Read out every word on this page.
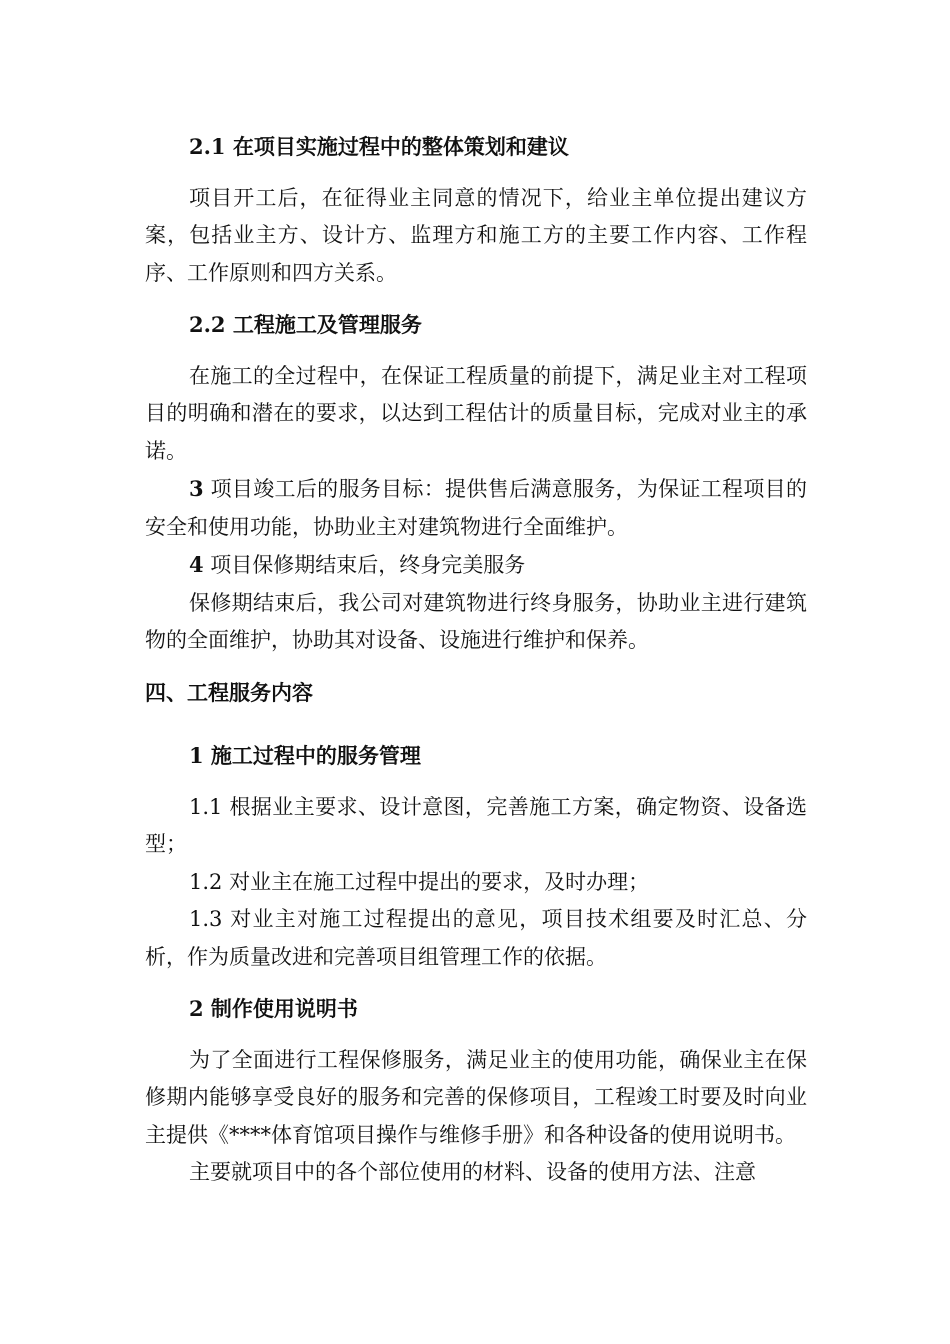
2.1 在项目实施过程中的整体策划和建议

项目开工后，在征得业主同意的情况下，给业主单位提出建议方案，包括业主方、设计方、监理方和施工方的主要工作内容、工作程序、工作原则和四方关系。

2.2 工程施工及管理服务

在施工的全过程中，在保证工程质量的前提下，满足业主对工程项目的明确和潜在的要求，以达到工程估计的质量目标，完成对业主的承诺。

3 项目竣工后的服务目标：提供售后满意服务，为保证工程项目的安全和使用功能，协助业主对建筑物进行全面维护。

4 项目保修期结束后，终身完美服务

保修期结束后，我公司对建筑物进行终身服务，协助业主进行建筑物的全面维护，协助其对设备、设施进行维护和保养。

四、工程服务内容

1 施工过程中的服务管理

1.1 根据业主要求、设计意图，完善施工方案，确定物资、设备选型；

1.2 对业主在施工过程中提出的要求，及时办理；

1.3 对业主对施工过程提出的意见，项目技术组要及时汇总、分析，作为质量改进和完善项目组管理工作的依据。

2 制作使用说明书

为了全面进行工程保修服务，满足业主的使用功能，确保业主在保修期内能够享受良好的服务和完善的保修项目，工程竣工时要及时向业主提供《****体育馆项目操作与维修手册》和各种设备的使用说明书。

主要就项目中的各个部位使用的材料、设备的使用方法、注意
